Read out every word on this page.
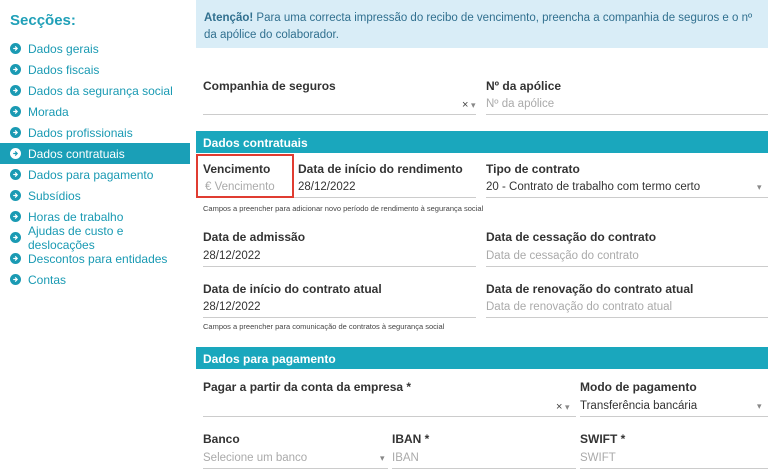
Secções:
Dados gerais
Dados fiscais
Dados da segurança social
Morada
Dados profissionais
Dados contratuais
Dados para pagamento
Subsídios
Horas de trabalho
Ajudas de custo e deslocações
Descontos para entidades
Contas
Atenção! Para uma correcta impressão do recibo de vencimento, preencha a companhia de seguros e o nº da apólice do colaborador.
Companhia de seguros
× ▾
Nº da apólice
Nº da apólice
Dados contratuais
Vencimento
€ Vencimento
Data de início do rendimento
28/12/2022
Tipo de contrato
20 - Contrato de trabalho com termo certo	▾
Campos a preencher para adicionar novo período de rendimento à segurança social
Data de admissão
28/12/2022
Data de cessação do contrato
Data de cessação do contrato
Data de início do contrato atual
28/12/2022
Data de renovação do contrato atual
Data de renovação do contrato atual
Campos a preencher para comunicação de contratos à segurança social
Dados para pagamento
Pagar a partir da conta da empresa *
× ▾
Modo de pagamento
Transferência bancária	▾
Banco
Selecione um banco	▾
IBAN *
IBAN
SWIFT *
SWIFT
